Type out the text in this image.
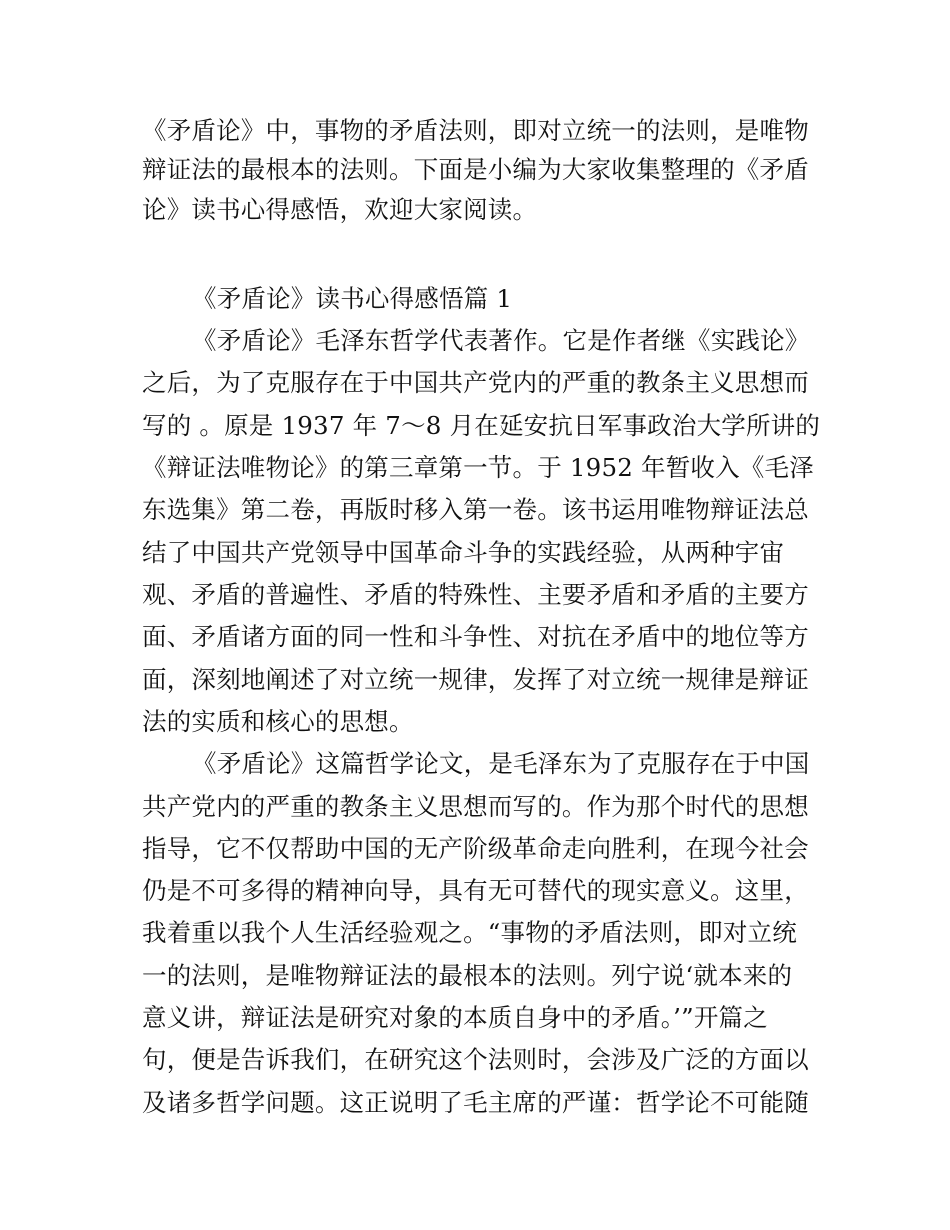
《矛盾论》中，事物的矛盾法则，即对立统一的法则，是唯物
辩证法的最根本的法则。下面是小编为大家收集整理的《矛盾
论》读书心得感悟，欢迎大家阅读。
《矛盾论》读书心得感悟篇 1
《矛盾论》毛泽东哲学代表著作。它是作者继《实践论》
之后，为了克服存在于中国共产党内的严重的教条主义思想而
写的 。原是 1937 年 7～8 月在延安抗日军事政治大学所讲的
《辩证法唯物论》的第三章第一节。于 1952 年暂收入《毛泽
东选集》第二卷，再版时移入第一卷。该书运用唯物辩证法总
结了中国共产党领导中国革命斗争的实践经验，从两种宇宙
观、矛盾的普遍性、矛盾的特殊性、主要矛盾和矛盾的主要方
面、矛盾诸方面的同一性和斗争性、对抗在矛盾中的地位等方
面，深刻地阐述了对立统一规律，发挥了对立统一规律是辩证
法的实质和核心的思想。
《矛盾论》这篇哲学论文，是毛泽东为了克服存在于中国
共产党内的严重的教条主义思想而写的。作为那个时代的思想
指导，它不仅帮助中国的无产阶级革命走向胜利，在现今社会
仍是不可多得的精神向导，具有无可替代的现实意义。这里，
我着重以我个人生活经验观之。“事物的矛盾法则，即对立统
一的法则，是唯物辩证法的最根本的法则。列宁说‘就本来的
意义讲，辩证法是研究对象的本质自身中的矛盾。’”开篇之
句，便是告诉我们，在研究这个法则时，会涉及广泛的方面以
及诸多哲学问题。这正说明了毛主席的严谨：哲学论不可能随
